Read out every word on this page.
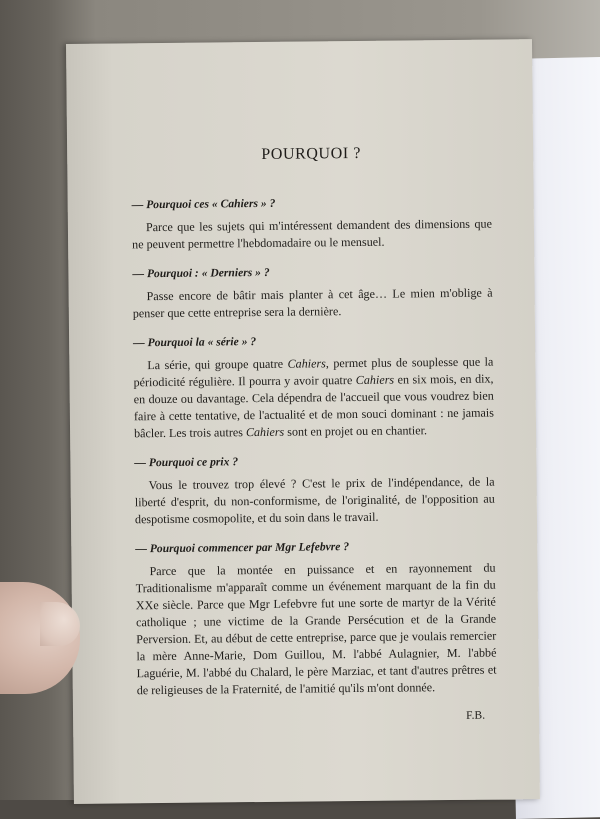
POURQUOI ?
— Pourquoi ces « Cahiers » ?

Parce que les sujets qui m'intéressent demandent des dimensions que ne peuvent permettre l'hebdomadaire ou le mensuel.

— Pourquoi : « Derniers » ?

Passe encore de bâtir mais planter à cet âge… Le mien m'oblige à penser que cette entreprise sera la dernière.

— Pourquoi la « série » ?

La série, qui groupe quatre Cahiers, permet plus de souplesse que la périodicité régulière. Il pourra y avoir quatre Cahiers en six mois, en dix, en douze ou davantage. Cela dépendra de l'accueil que vous voudrez bien faire à cette tentative, de l'actualité et de mon souci dominant : ne jamais bâcler. Les trois autres Cahiers sont en projet ou en chantier.

— Pourquoi ce prix ?

Vous le trouvez trop élevé ? C'est le prix de l'indépendance, de la liberté d'esprit, du non-conformisme, de l'originalité, de l'opposition au despotisme cosmopolite, et du soin dans le travail.

— Pourquoi commencer par Mgr Lefebvre ?

Parce que la montée en puissance et en rayonnement du Traditionalisme m'apparaît comme un événement marquant de la fin du XXe siècle. Parce que Mgr Lefebvre fut une sorte de martyr de la Vérité catholique ; une victime de la Grande Persécution et de la Grande Perversion. Et, au début de cette entreprise, parce que je voulais remercier la mère Anne-Marie, Dom Guillou, M. l'abbé Aulagnier, M. l'abbé Laguérie, M. l'abbé du Chalard, le père Marziac, et tant d'autres prêtres et de religieuses de la Fraternité, de l'amitié qu'ils m'ont donnée.

F.B.
